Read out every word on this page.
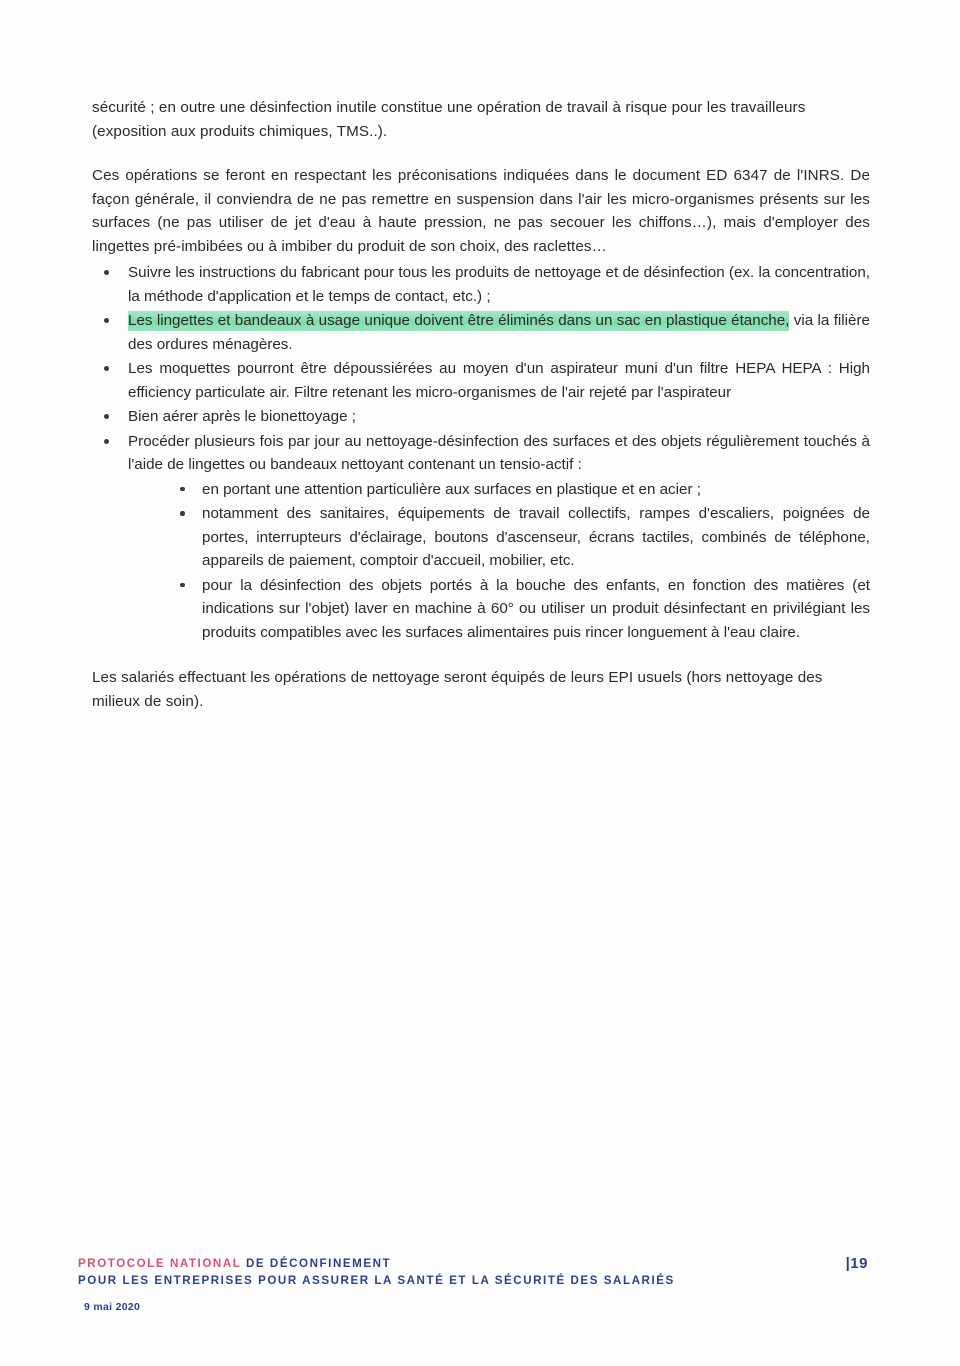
sécurité ; en outre une désinfection inutile constitue une opération de travail à risque pour les travailleurs (exposition aux produits chimiques, TMS..).

Ces opérations se feront en respectant les préconisations indiquées dans le document ED 6347 de l'INRS. De façon générale, il conviendra de ne pas remettre en suspension dans l'air les micro-organismes présents sur les surfaces (ne pas utiliser de jet d'eau à haute pression, ne pas secouer les chiffons…), mais d'employer des lingettes pré-imbibées ou à imbiber du produit de son choix, des raclettes…

Suivre les instructions du fabricant pour tous les produits de nettoyage et de désinfection (ex. la concentration, la méthode d'application et le temps de contact, etc.) ;
Les lingettes et bandeaux à usage unique doivent être éliminés dans un sac en plastique étanche, via la filière des ordures ménagères.
Les moquettes pourront être dépoussiérées au moyen d'un aspirateur muni d'un filtre HEPA HEPA : High efficiency particulate air. Filtre retenant les micro-organismes de l'air rejeté par l'aspirateur
Bien aérer après le bionettoyage ;
Procéder plusieurs fois par jour au nettoyage-désinfection des surfaces et des objets régulièrement touchés à l'aide de lingettes ou bandeaux nettoyant contenant un tensio-actif :
en portant une attention particulière aux surfaces en plastique et en acier ;
notamment des sanitaires, équipements de travail collectifs, rampes d'escaliers, poignées de portes, interrupteurs d'éclairage, boutons d'ascenseur, écrans tactiles, combinés de téléphone, appareils de paiement, comptoir d'accueil, mobilier, etc.
pour la désinfection des objets portés à la bouche des enfants, en fonction des matières (et indications sur l'objet) laver en machine à 60° ou utiliser un produit désinfectant en privilégiant les produits compatibles avec les surfaces alimentaires puis rincer longuement à l'eau claire.

Les salariés effectuant les opérations de nettoyage seront équipés de leurs EPI usuels (hors nettoyage des milieux de soin).

PROTOCOLE NATIONAL DE DÉCONFINEMENT
POUR LES ENTREPRISES POUR ASSURER LA SANTÉ ET LA SÉCURITÉ DES SALARIÉS
9 mai 2020
|19
